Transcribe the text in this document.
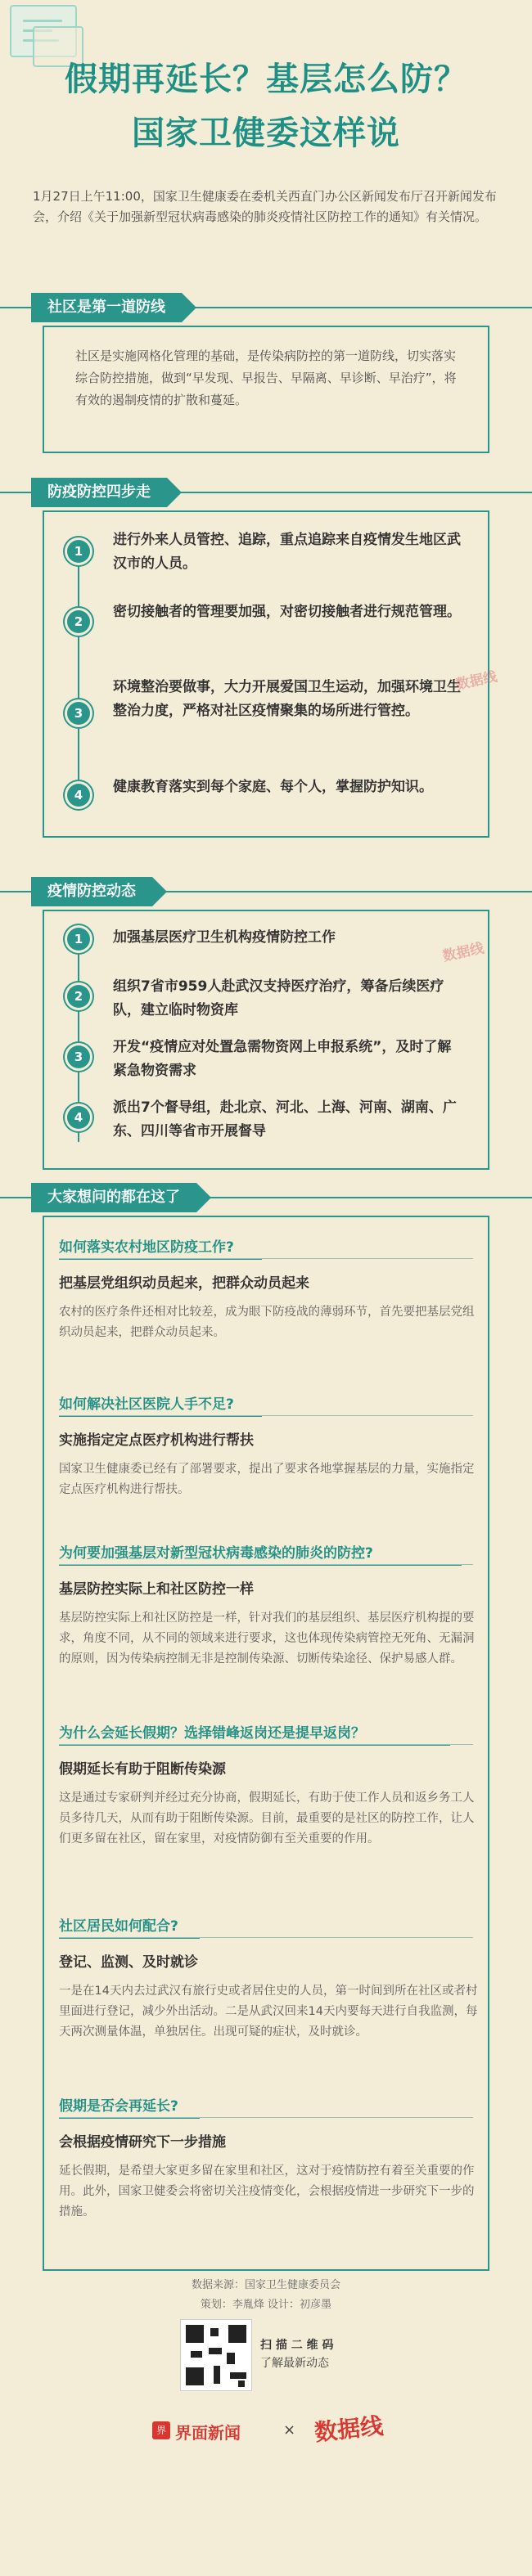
假期再延长？基层怎么防？

国家卫健委这样说

1月27日上午11:00，国家卫生健康委在委机关西直门办公区新闻发布厅召开新闻发布会，介绍《关于加强新型冠状病毒感染的肺炎疫情社区防控工作的通知》有关情况。
社区是第一道防线
社区是实施网格化管理的基础，是传染病防控的第一道防线，切实落实综合防控措施，做到“早发现、早报告、早隔离、早诊断、早治疗”，将有效的遏制疫情的扩散和蔓延。
防疫防控四步走
1
进行外来人员管控、追踪，重点追踪来自疫情发生地区武汉市的人员。
2
密切接触者的管理要加强，对密切接触者进行规范管理。
3
环境整治要做事，大力开展爱国卫生运动，加强环境卫生整治力度，严格对社区疫情聚集的场所进行管控。
4	健康教育落实到每个家庭、每个人，掌握防护知识。
数据线
疫情防控动态
1	加强基层医疗卫生机构疫情防控工作
2
组织7省市959人赴武汉支持医疗治疗，筹备后续医疗队，建立临时物资库
3
开发“疫情应对处置急需物资网上申报系统”，及时了解紧急物资需求
4
派出7个督导组，赴北京、河北、上海、河南、湖南、广东、四川等省市开展督导
数据线
大家想问的都在这了
如何落实农村地区防疫工作?
把基层党组织动员起来，把群众动员起来
农村的医疗条件还相对比较差，成为眼下防疫战的薄弱环节，首先要把基层党组织动员起来，把群众动员起来。
如何解决社区医院人手不足?
实施指定定点医疗机构进行帮扶
国家卫生健康委已经有了部署要求，提出了要求各地掌握基层的力量，实施指定定点医疗机构进行帮扶。
为何要加强基层对新型冠状病毒感染的肺炎的防控?
基层防控实际上和社区防控一样
基层防控实际上和社区防控是一样，针对我们的基层组织、基层医疗机构提的要求，角度不同，从不同的领域来进行要求，这也体现传染病管控无死角、无漏洞的原则，因为传染病控制无非是控制传染源、切断传染途径、保护易感人群。
为什么会延长假期？选择错峰返岗还是提早返岗？
假期延长有助于阻断传染源
这是通过专家研判并经过充分协商，假期延长，有助于使工作人员和返乡务工人员多待几天，从而有助于阻断传染源。目前，最重要的是社区的防控工作，让人们更多留在社区，留在家里，对疫情防御有至关重要的作用。
社区居民如何配合?
登记、监测、及时就诊
一是在14天内去过武汉有旅行史或者居住史的人员，第一时间到所在社区或者村里面进行登记，减少外出活动。二是从武汉回来14天内要每天进行自我监测，每天两次测量体温，单独居住。出现可疑的症状，及时就诊。
假期是否会再延长?
会根据疫情研究下一步措施
延长假期，是希望大家更多留在家里和社区，这对于疫情防控有着至关重要的作用。此外，国家卫健委会将密切关注疫情变化，会根据疫情进一步研究下一步的措施。
数据来源：国家卫生健康委员会
策划：李胤烽 设计：初彦墨
扫 描 二 维 码
了解最新动态
界 界面新闻	× 数据线
